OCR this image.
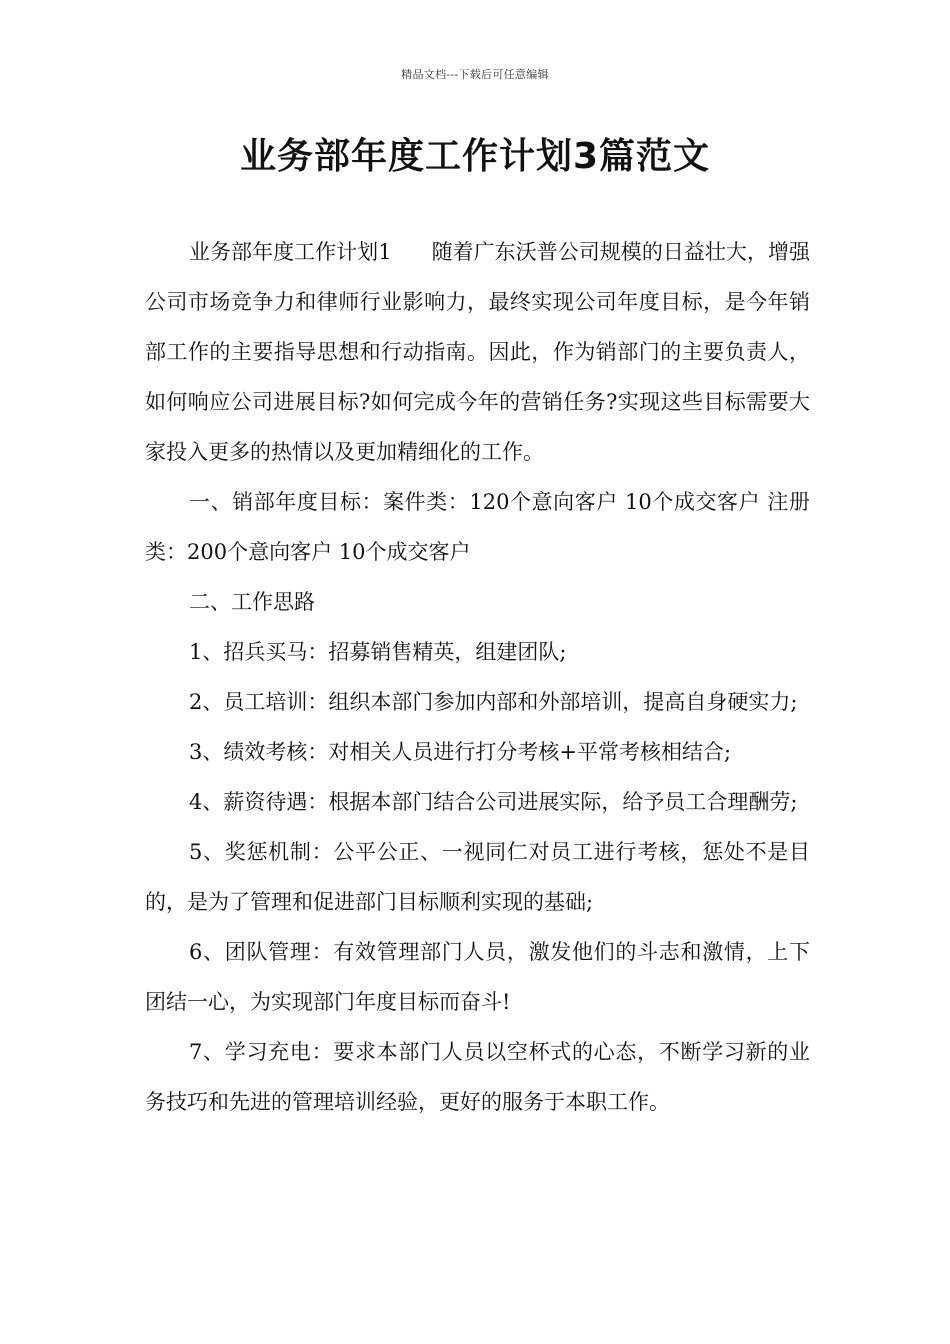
精品文档---下载后可任意编辑
业务部年度工作计划3篇范文

业务部年度工作计划1 随着广东沃普公司规模的日益壮大，增强公司市场竞争力和律师行业影响力，最终实现公司年度目标，是今年销部工作的主要指导思想和行动指南。因此，作为销部门的主要负责人，如何响应公司进展目标?如何完成今年的营销任务?实现这些目标需要大家投入更多的热情以及更加精细化的工作。

一、销部年度目标：案件类：120个意向客户 10个成交客户 注册类：200个意向客户 10个成交客户

二、工作思路

1、招兵买马：招募销售精英，组建团队;

2、员工培训：组织本部门参加内部和外部培训，提高自身硬实力;

3、绩效考核：对相关人员进行打分考核+平常考核相结合;

4、薪资待遇：根据本部门结合公司进展实际，给予员工合理酬劳;

5、奖惩机制：公平公正、一视同仁对员工进行考核，惩处不是目的，是为了管理和促进部门目标顺利实现的基础;

6、团队管理：有效管理部门人员，激发他们的斗志和激情，上下团结一心，为实现部门年度目标而奋斗!

7、学习充电：要求本部门人员以空杯式的心态，不断学习新的业务技巧和先进的管理培训经验，更好的服务于本职工作。
